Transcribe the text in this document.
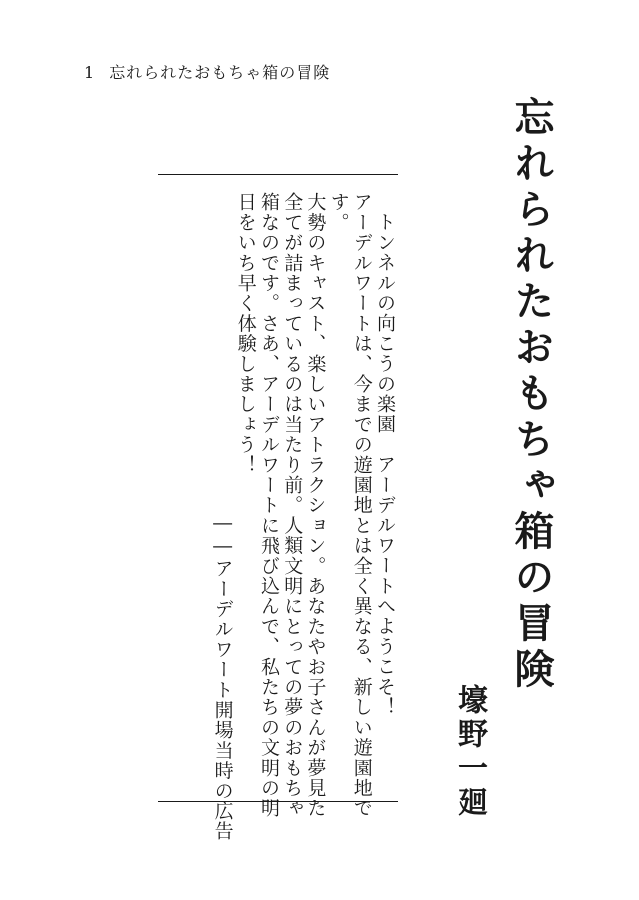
1 忘れられたおもちゃ箱の冒険
忘れられたおもちゃ箱の冒険
壕野一廻
トンネルの向こうの楽園　アーデルワートへようこそ！
アーデルワートは、今までの遊園地とは全く異なる、新しい遊園地で
す。
大勢のキャスト、楽しいアトラクション。あなたやお子さんが夢見た
全てが詰まっているのは当たり前。人類文明にとっての夢のおもちゃ
箱なのです。さあ、アーデルワートに飛び込んで、私たちの文明の明
日をいち早く体験しましょう！
――アーデルワート開場当時の広告
